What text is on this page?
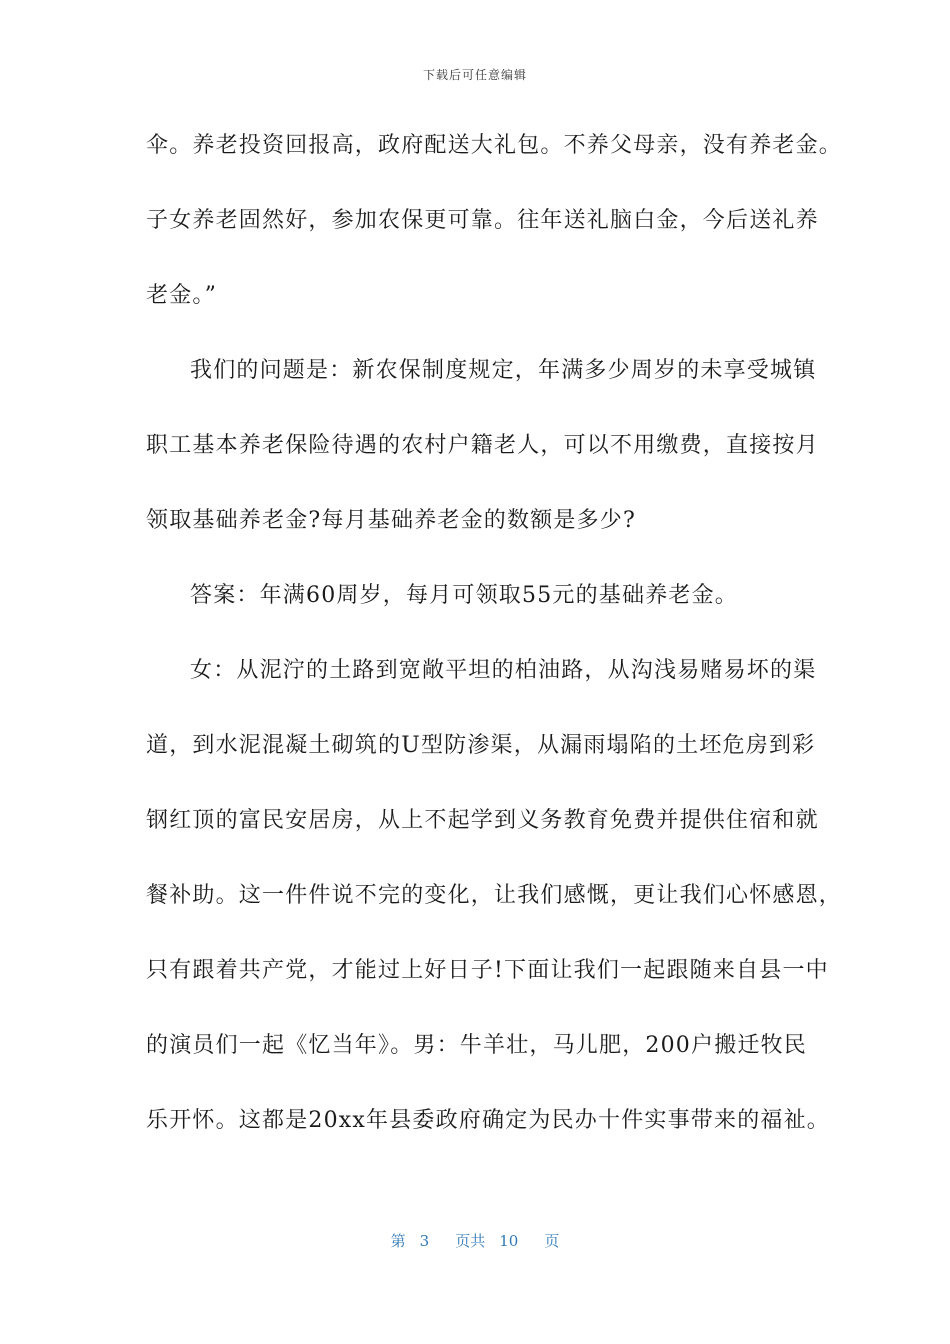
下载后可任意编辑
伞。养老投资回报高，政府配送大礼包。不养父母亲，没有养老金。
子女养老固然好，参加农保更可靠。往年送礼脑白金，今后送礼养
老金。”
我们的问题是：新农保制度规定，年满多少周岁的未享受城镇
职工基本养老保险待遇的农村户籍老人，可以不用缴费，直接按月
领取基础养老金?每月基础养老金的数额是多少?
答案：年满60周岁，每月可领取55元的基础养老金。
女：从泥泞的土路到宽敞平坦的柏油路，从沟浅易赌易坏的渠
道，到水泥混凝土砌筑的U型防渗渠，从漏雨塌陷的土坯危房到彩
钢红顶的富民安居房，从上不起学到义务教育免费并提供住宿和就
餐补助。这一件件说不完的变化，让我们感慨，更让我们心怀感恩，
只有跟着共产党，才能过上好日子!下面让我们一起跟随来自县一中
的演员们一起《忆当年》。男：牛羊壮，马儿肥，200户搬迁牧民
乐开怀。这都是20xx年县委政府确定为民办十件实事带来的福祉。
第 3 页共 10 页
